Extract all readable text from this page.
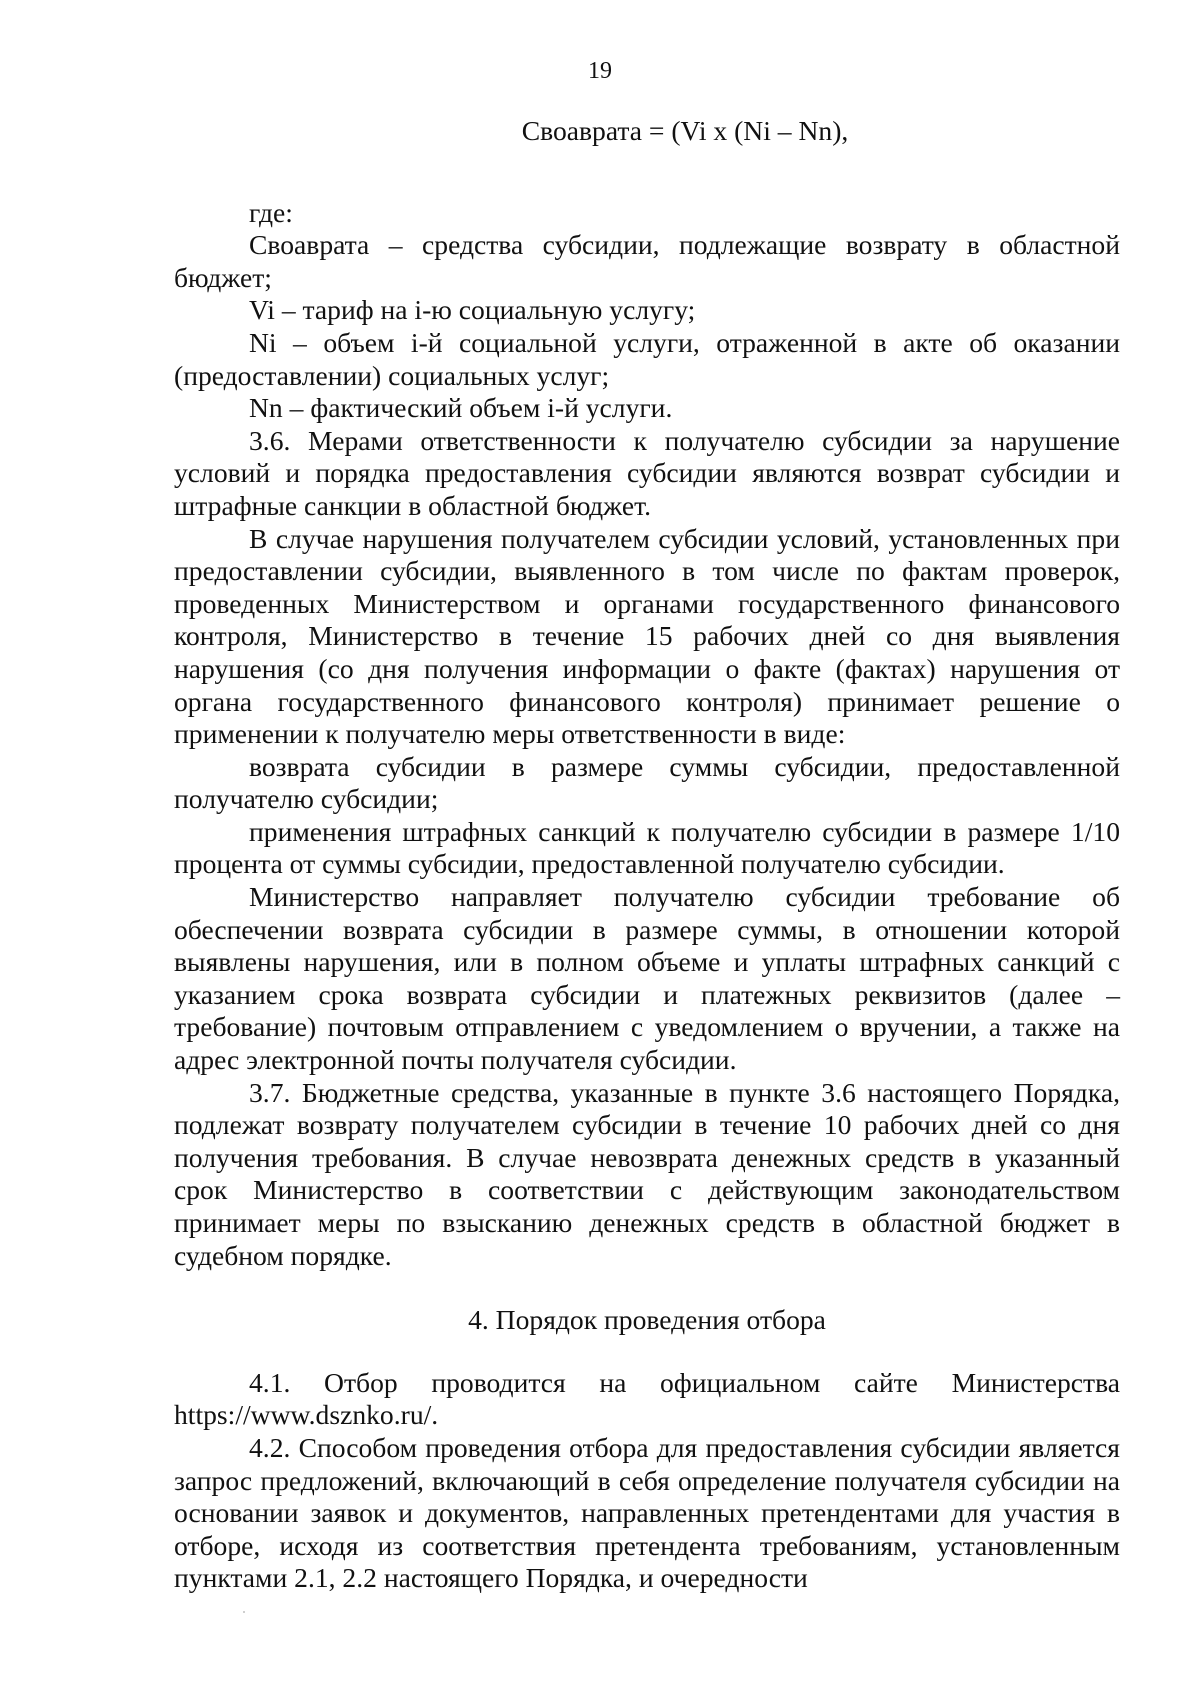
19
Своaврата = (Vi x (Ni – Nn),

где:

Своaврата – средства субсидии, подлежащие возврату в областной бюджет;

Vi – тариф на i-ю социальную услугу;

Ni – объем i-й социальной услуги, отраженной в акте об оказании (предоставлении) социальных услуг;

Nn – фактический объем i-й услуги.

3.6. Мерами ответственности к получателю субсидии за нарушение условий и порядка предоставления субсидии являются возврат субсидии и штрафные санкции в областной бюджет.

В случае нарушения получателем субсидии условий, установленных при предоставлении субсидии, выявленного в том числе по фактам проверок, проведенных Министерством и органами государственного финансового контроля, Министерство в течение 15 рабочих дней со дня выявления нарушения (со дня получения информации о факте (фактах) нарушения от органа государственного финансового контроля) принимает решение о применении к получателю меры ответственности в виде:

возврата субсидии в размере суммы субсидии, предоставленной получателю субсидии;

применения штрафных санкций к получателю субсидии в размере 1/10 процента от суммы субсидии, предоставленной получателю субсидии.

Министерство направляет получателю субсидии требование об обеспечении возврата субсидии в размере суммы, в отношении которой выявлены нарушения, или в полном объеме и уплаты штрафных санкций с указанием срока возврата субсидии и платежных реквизитов (далее – требование) почтовым отправлением с уведомлением о вручении, а также на адрес электронной почты получателя субсидии.

3.7. Бюджетные средства, указанные в пункте 3.6 настоящего Порядка, подлежат возврату получателем субсидии в течение 10 рабочих дней со дня получения требования. В случае невозврата денежных средств в указанный срок Министерство в соответствии с действующим законодательством принимает меры по взысканию денежных средств в областной бюджет в судебном порядке.

4. Порядок проведения отбора

4.1. Отбор проводится на официальном сайте Министерства https://www.dsznko.ru/.

4.2. Способом проведения отбора для предоставления субсидии является запрос предложений, включающий в себя определение получателя субсидии на основании заявок и документов, направленных претендентами для участия в отборе, исходя из соответствия претендента требованиям, установленным пунктами 2.1, 2.2 настоящего Порядка, и очередности
